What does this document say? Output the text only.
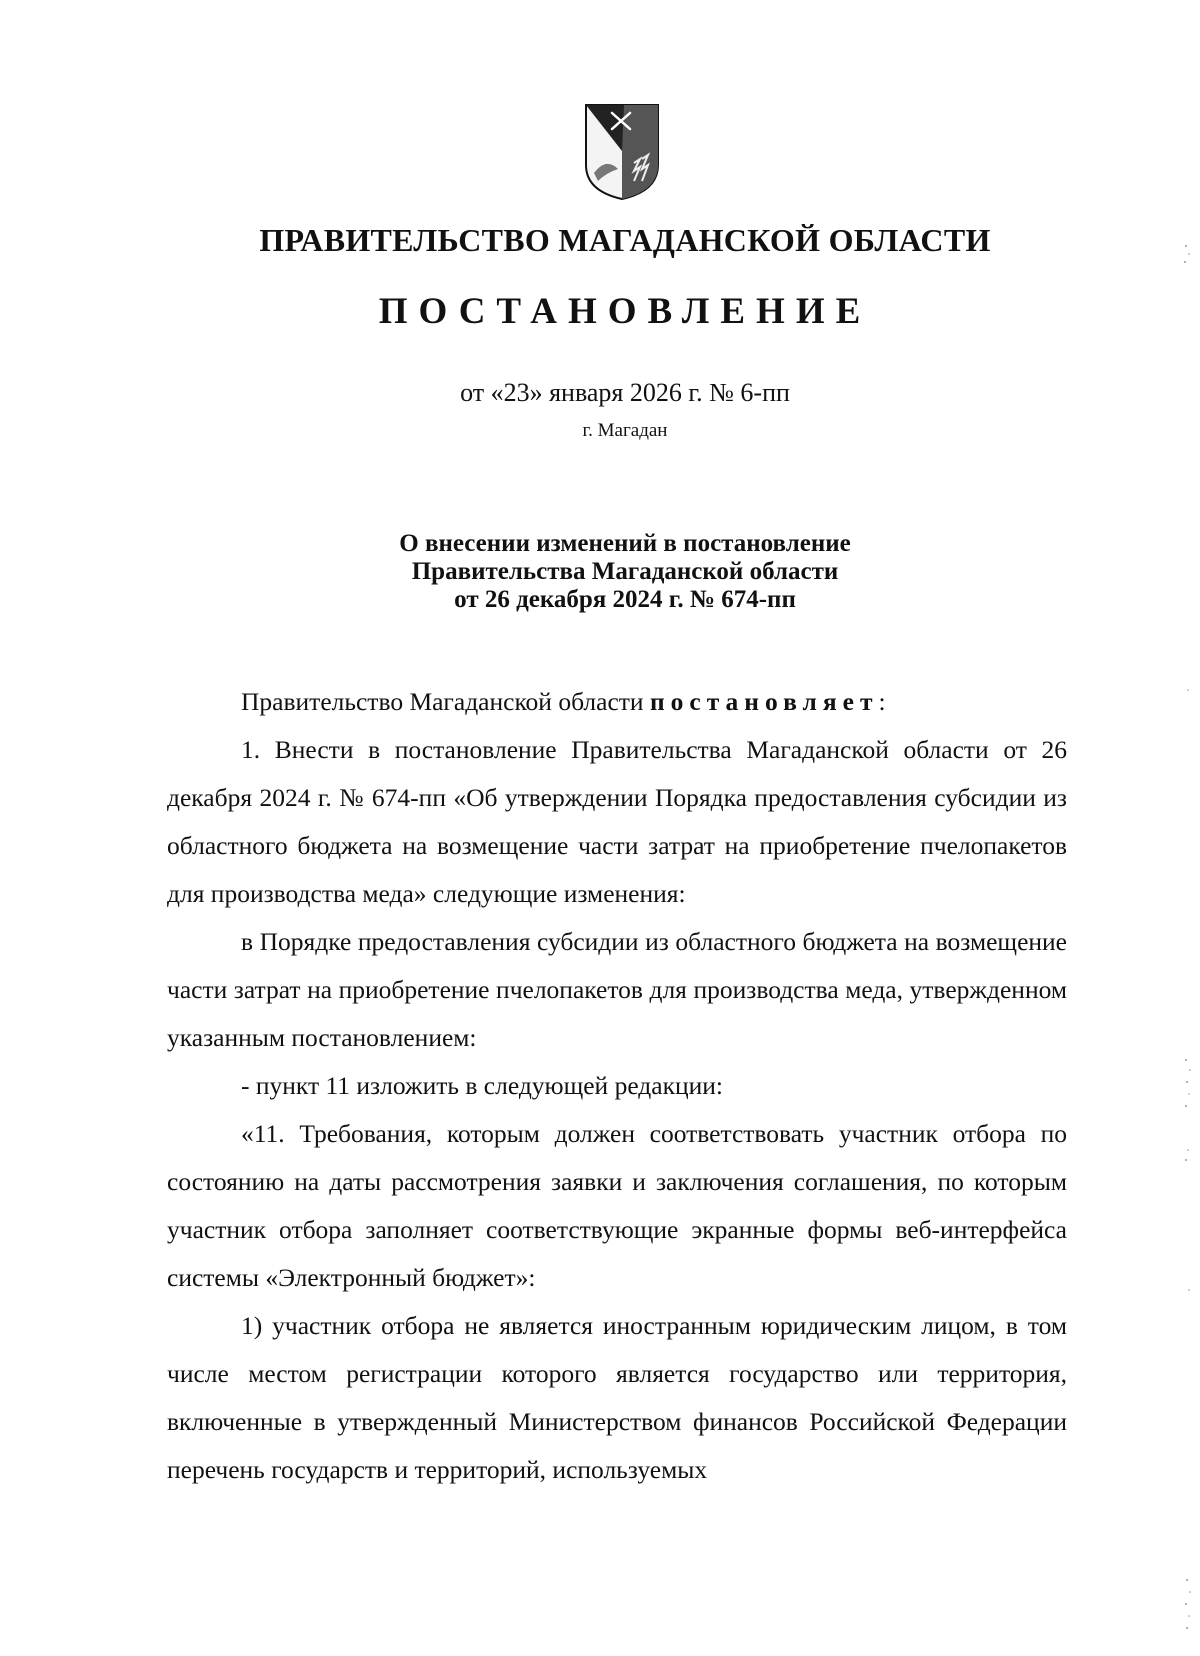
ПРАВИТЕЛЬСТВО МАГАДАНСКОЙ ОБЛАСТИ
ПОСТАНОВЛЕНИЕ
от «23» января 2026 г. № 6-пп
г. Магадан
О внесении изменений в постановление
Правительства Магаданской области
от 26 декабря 2024 г. № 674-пп

Правительство Магаданской области постановляет:

1. Внести в постановление Правительства Магаданской области от 26 декабря 2024 г. № 674-пп «Об утверждении Порядка предоставления субсидии из областного бюджета на возмещение части затрат на приобретение пчелопакетов для производства меда» следующие изменения:

в Порядке предоставления субсидии из областного бюджета на возмещение части затрат на приобретение пчелопакетов для производства меда, утвержденном указанным постановлением:

- пункт 11 изложить в следующей редакции:

«11. Требования, которым должен соответствовать участник отбора по состоянию на даты рассмотрения заявки и заключения соглашения, по которым участник отбора заполняет соответствующие экранные формы веб-интерфейса системы «Электронный бюджет»:

1) участник отбора не является иностранным юридическим лицом, в том числе местом регистрации которого является государство или территория, включенные в утвержденный Министерством финансов Российской Федерации перечень государств и территорий, используемых
